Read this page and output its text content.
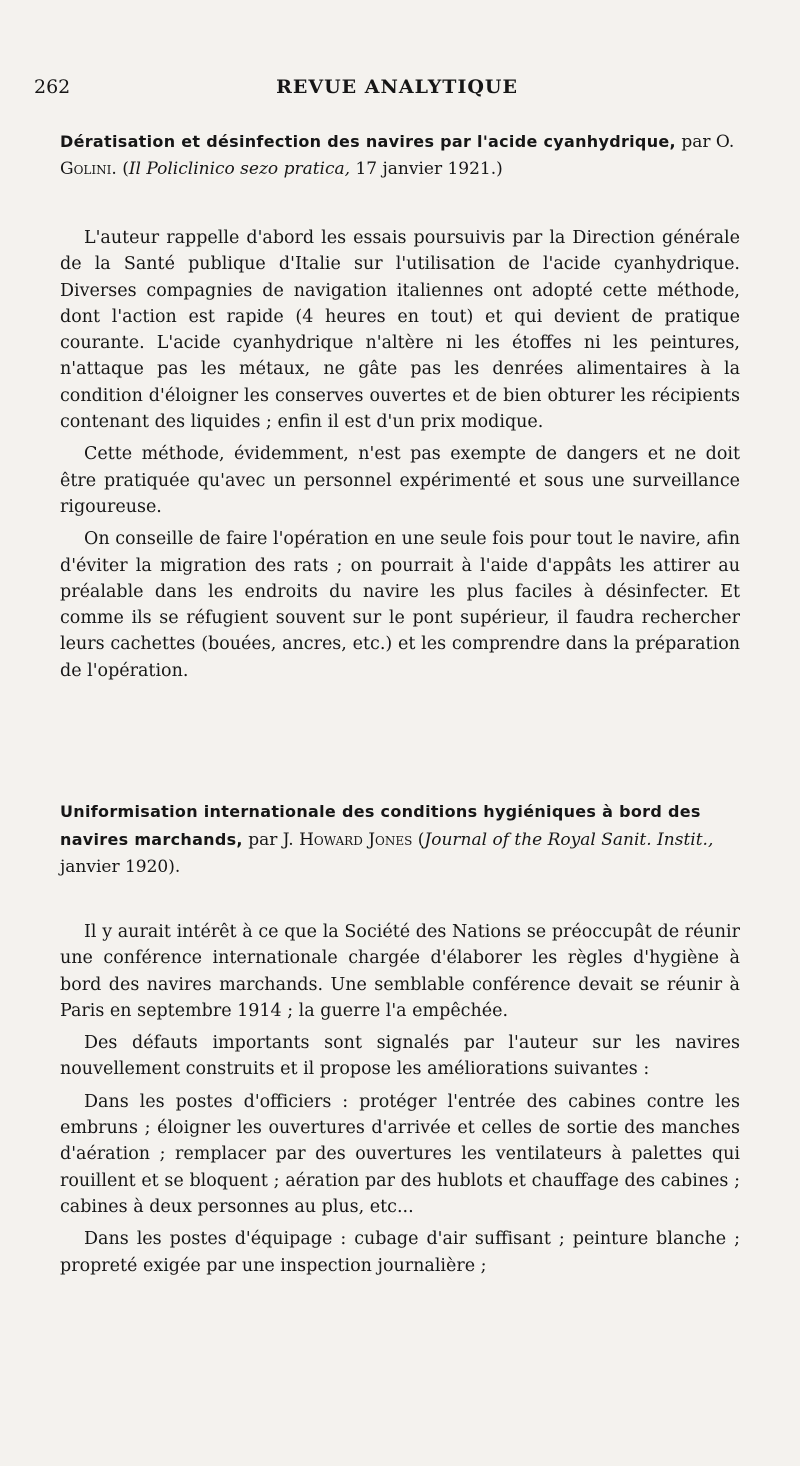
262	REVUE ANALYTIQUE

Dératisation et désinfection des navires par l'acide cyanhydrique, par O. Golini. (Il Policlinico sezo pratica, 17 janvier 1921.)

L'auteur rappelle d'abord les essais poursuivis par la Direction générale de la Santé publique d'Italie sur l'utilisation de l'acide cyanhydrique. Diverses compagnies de navigation italiennes ont adopté cette méthode, dont l'action est rapide (4 heures en tout) et qui devient de pratique courante. L'acide cyanhydrique n'altère ni les étoffes ni les peintures, n'attaque pas les métaux, ne gâte pas les denrées alimentaires à la condition d'éloigner les conserves ouvertes et de bien obturer les récipients contenant des liquides ; enfin il est d'un prix modique.

Cette méthode, évidemment, n'est pas exempte de dangers et ne doit être pratiquée qu'avec un personnel expérimenté et sous une surveillance rigoureuse.

On conseille de faire l'opération en une seule fois pour tout le navire, afin d'éviter la migration des rats ; on pourrait à l'aide d'appâts les attirer au préalable dans les endroits du navire les plus faciles à désinfecter. Et comme ils se réfugient souvent sur le pont supérieur, il faudra rechercher leurs cachettes (bouées, ancres, etc.) et les comprendre dans la préparation de l'opération.

Uniformisation internationale des conditions hygiéniques à bord des navires marchands, par J. Howard Jones (Journal of the Royal Sanit. Instit., janvier 1920).

Il y aurait intérêt à ce que la Société des Nations se préoccupât de réunir une conférence internationale chargée d'élaborer les règles d'hygiène à bord des navires marchands. Une semblable conférence devait se réunir à Paris en septembre 1914 ; la guerre l'a empêchée.

Des défauts importants sont signalés par l'auteur sur les navires nouvellement construits et il propose les améliorations suivantes :

Dans les postes d'officiers : protéger l'entrée des cabines contre les embruns ; éloigner les ouvertures d'arrivée et celles de sortie des manches d'aération ; remplacer par des ouvertures les ventilateurs à palettes qui rouillent et se bloquent ; aération par des hublots et chauffage des cabines ; cabines à deux personnes au plus, etc...

Dans les postes d'équipage : cubage d'air suffisant ; peinture blanche ; propreté exigée par une inspection journalière ;
